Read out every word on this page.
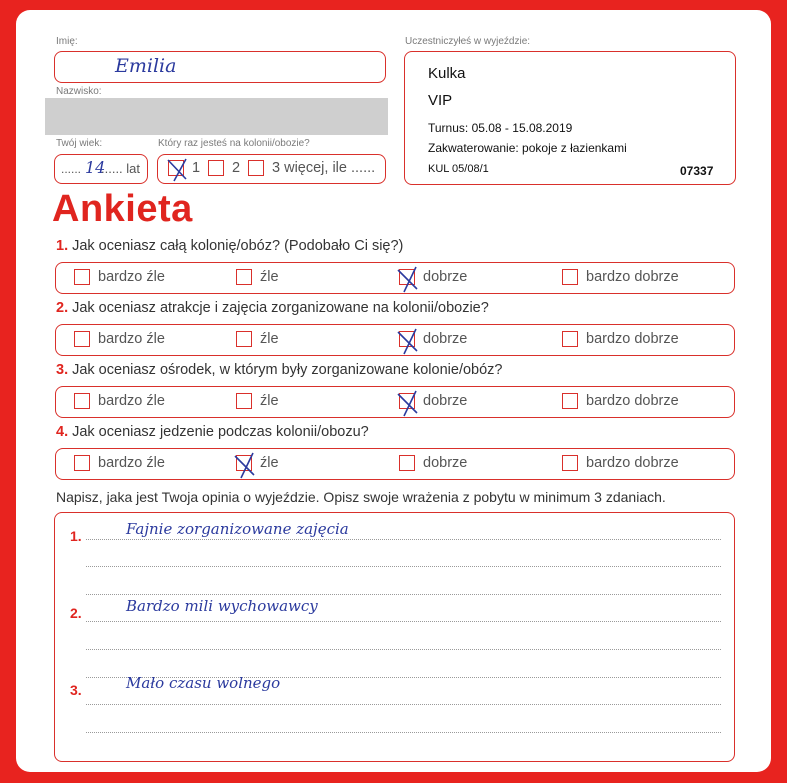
Imię:
Emilia
Nazwisko:
Twój wiek:
...... 14
...... lat
Który raz jesteś na kolonii/obozie?
1 2 3 więcej, ile ......
Uczestniczyłeś w wyjeździe:
Kulka
VIP
Turnus: 05.08 - 15.08.2019
Zakwaterowanie: pokoje z łazienkami
KUL 05/08/1	07337
Ankieta
1. Jak oceniasz całą kolonię/obóz? (Podobało Ci się?)
bardzo źle	źle	dobrze	bardzo dobrze
2. Jak oceniasz atrakcje i zajęcia zorganizowane na kolonii/obozie?
bardzo źle	źle	dobrze	bardzo dobrze
3. Jak oceniasz ośrodek, w którym były zorganizowane kolonie/obóz?
bardzo źle	źle	dobrze	bardzo dobrze
4. Jak oceniasz jedzenie podczas kolonii/obozu?
bardzo źle	źle	dobrze	bardzo dobrze
Napisz, jaka jest Twoja opinia o wyjeździe. Opisz swoje wrażenia z pobytu w minimum 3 zdaniach.
1.	Fajnie zorganizowane zajęcia
2.	Bardzo mili wychowawcy
3.	Mało czasu wolnego
